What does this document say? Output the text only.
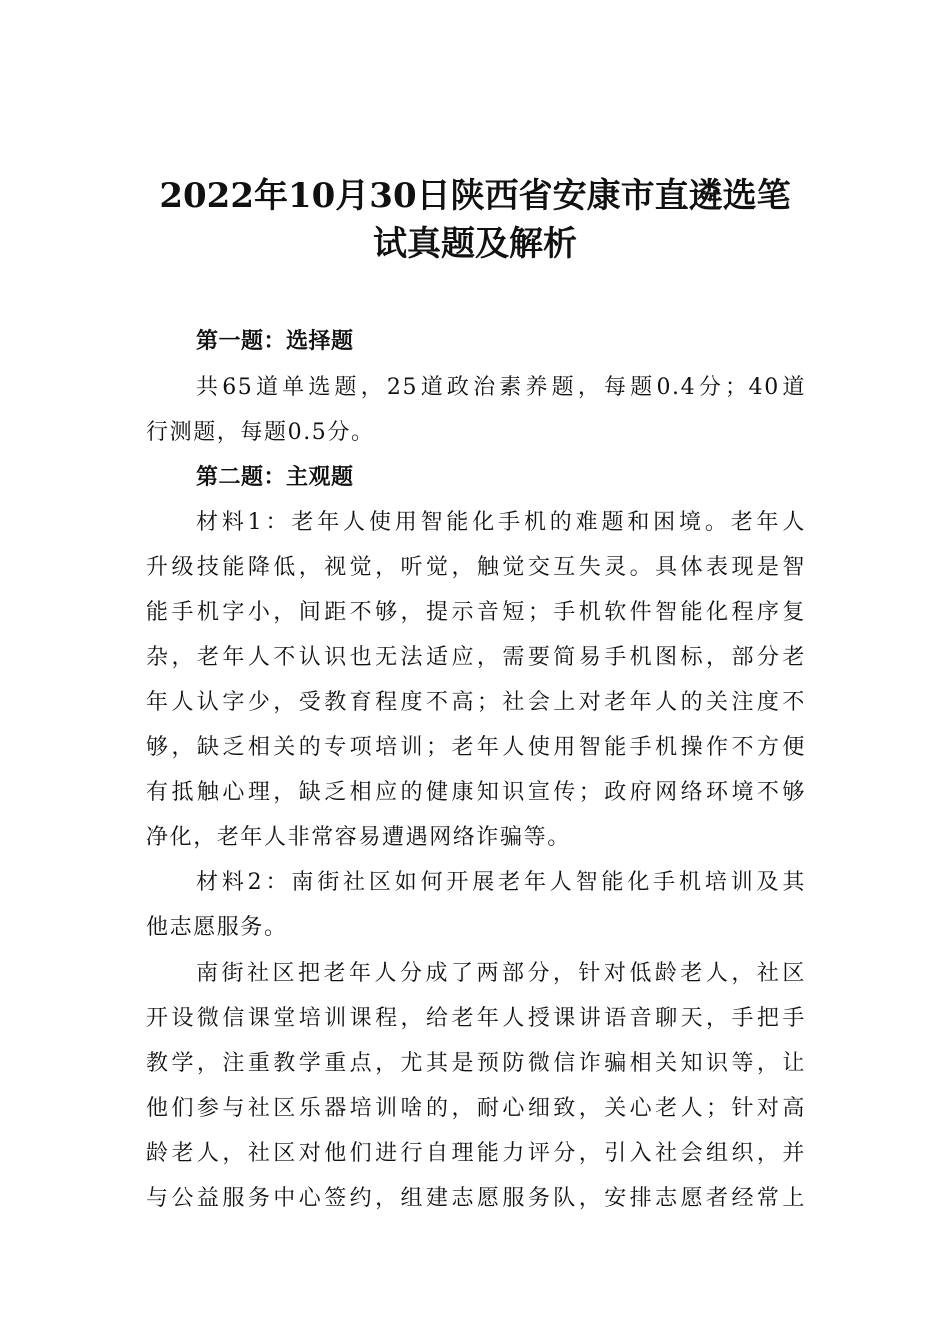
2022年10月30日陕西省安康市直遴选笔
试真题及解析
第一题：选择题
共65道单选题，25道政治素养题，每题0.4分；40道
行测题，每题0.5分。
第二题：主观题
材料1：老年人使用智能化手机的难题和困境。老年人
升级技能降低，视觉，听觉，触觉交互失灵。具体表现是智
能手机字小，间距不够，提示音短；手机软件智能化程序复
杂，老年人不认识也无法适应，需要简易手机图标，部分老
年人认字少，受教育程度不高；社会上对老年人的关注度不
够，缺乏相关的专项培训；老年人使用智能手机操作不方便
有抵触心理，缺乏相应的健康知识宣传；政府网络环境不够
净化，老年人非常容易遭遇网络诈骗等。
材料2：南街社区如何开展老年人智能化手机培训及其
他志愿服务。
南街社区把老年人分成了两部分，针对低龄老人，社区
开设微信课堂培训课程，给老年人授课讲语音聊天，手把手
教学，注重教学重点，尤其是预防微信诈骗相关知识等，让
他们参与社区乐器培训啥的，耐心细致，关心老人；针对高
龄老人，社区对他们进行自理能力评分，引入社会组织，并
与公益服务中心签约，组建志愿服务队，安排志愿者经常上
